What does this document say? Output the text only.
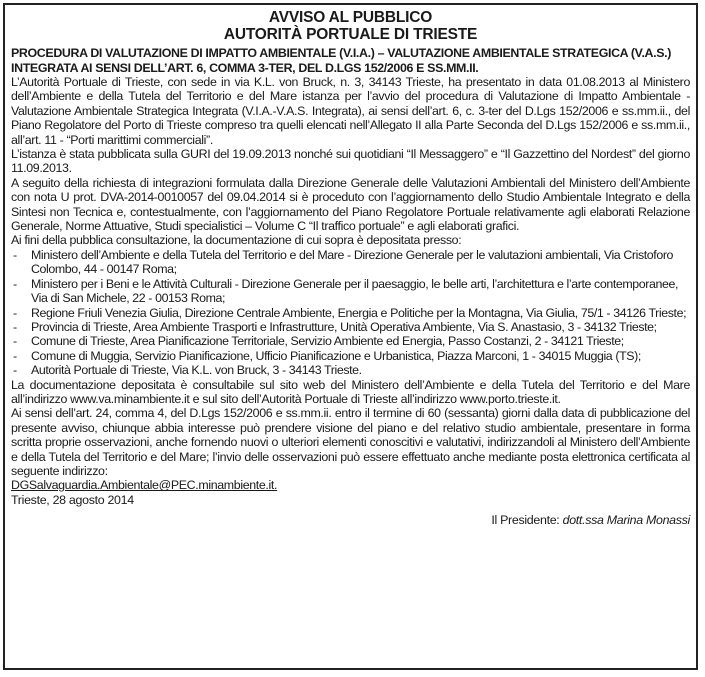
AVVISO AL PUBBLICO
AUTORITÀ PORTUALE DI TRIESTE
PROCEDURA DI VALUTAZIONE DI IMPATTO AMBIENTALE (V.I.A.) – VALUTAZIONE AMBIENTALE STRATEGICA (V.A.S.) INTEGRATA AI SENSI DELL’ART. 6, COMMA 3-TER, DEL D.LGS 152/2006 E SS.MM.II.
L’Autorità Portuale di Trieste, con sede in via K.L. von Bruck, n. 3, 34143 Trieste, ha presentato in data 01.08.2013 al Ministero dell’Ambiente e della Tutela del Territorio e del Mare istanza per l’avvio del procedura di Valutazione di Impatto Ambientale - Valutazione Ambientale Strategica Integrata (V.I.A.-V.A.S. Integrata), ai sensi dell’art. 6, c. 3-ter del D.Lgs 152/2006 e ss.mm.ii., del Piano Regolatore del Porto di Trieste compreso tra quelli elencati nell’Allegato II alla Parte Seconda del D.Lgs 152/2006 e ss.mm.ii., all’art. 11 - “Porti marittimi commerciali”.
L’istanza è stata pubblicata sulla GURI del 19.09.2013 nonché sui quotidiani “Il Messaggero” e “Il Gazzettino del Nordest” del giorno 11.09.2013.
A seguito della richiesta di integrazioni formulata dalla Direzione Generale delle Valutazioni Ambientali del Ministero dell’Ambiente con nota U prot. DVA-2014-0010057 del 09.04.2014 si è proceduto con l’aggiornamento dello Studio Ambientale Integrato e della Sintesi non Tecnica e, contestualmente, con l’aggiornamento del Piano Regolatore Portuale relativamente agli elaborati Relazione Generale, Norme Attuative, Studi specialistici – Volume C “Il traffico portuale” e agli elaborati grafici.
Ai fini della pubblica consultazione, la documentazione di cui sopra è depositata presso:
- Ministero dell’Ambiente e della Tutela del Territorio e del Mare - Direzione Generale per le valutazioni ambientali, Via Cristoforo Colombo, 44 - 00147 Roma;
- Ministero per i Beni e le Attività Culturali - Direzione Generale per il paesaggio, le belle arti, l’architettura e l’arte contemporanee, Via di San Michele, 22 - 00153 Roma;
- Regione Friuli Venezia Giulia, Direzione Centrale Ambiente, Energia e Politiche per la Montagna, Via Giulia, 75/1 - 34126 Trieste;
- Provincia di Trieste, Area Ambiente Trasporti e Infrastrutture, Unità Operativa Ambiente, Via S. Anastasio, 3 - 34132 Trieste;
- Comune di Trieste, Area Pianificazione Territoriale, Servizio Ambiente ed Energia, Passo Costanzi, 2 - 34121 Trieste;
- Comune di Muggia, Servizio Pianificazione, Ufficio Pianificazione e Urbanistica, Piazza Marconi, 1 - 34015 Muggia (TS);
- Autorità Portuale di Trieste, Via K.L. von Bruck, 3 - 34143 Trieste.
La documentazione depositata è consultabile sul sito web del Ministero dell’Ambiente e della Tutela del Territorio e del Mare all’indirizzo www.va.minambiente.it e sul sito dell’Autorità Portuale di Trieste all’indirizzo www.porto.trieste.it.
Ai sensi dell’art. 24, comma 4, del D.Lgs 152/2006 e ss.mm.ii. entro il termine di 60 (sessanta) giorni dalla data di pubblicazione del presente avviso, chiunque abbia interesse può prendere visione del piano e del relativo studio ambientale, presentare in forma scritta proprie osservazioni, anche fornendo nuovi o ulteriori elementi conoscitivi e valutativi, indirizzandoli al Ministero dell’Ambiente e della Tutela del Territorio e del Mare; l’invio delle osservazioni può essere effettuato anche mediante posta elettronica certificata al seguente indirizzo:
DGSalvaguardia.Ambientale@PEC.minambiente.it.
Trieste, 28 agosto 2014
Il Presidente: dott.ssa Marina Monassi
